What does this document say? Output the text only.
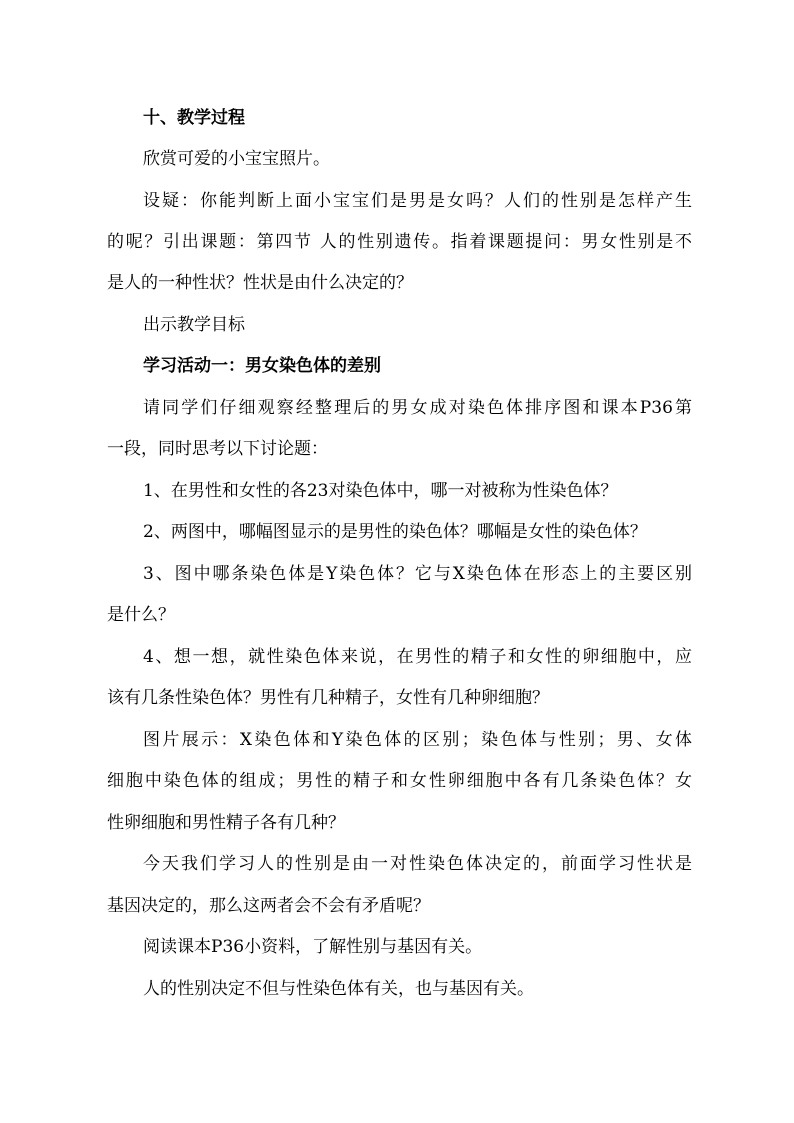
十、教学过程
欣赏可爱的小宝宝照片。
设疑：你能判断上面小宝宝们是男是女吗？人们的性别是怎样产生
的呢？引出课题：第四节 人的性别遗传。指着课题提问：男女性别是不
是人的一种性状？性状是由什么决定的？
出示教学目标
学习活动一：男女染色体的差别
请同学们仔细观察经整理后的男女成对染色体排序图和课本P36第
一段，同时思考以下讨论题：
1、在男性和女性的各23对染色体中，哪一对被称为性染色体？
2、两图中，哪幅图显示的是男性的染色体？哪幅是女性的染色体？
3、图中哪条染色体是Y染色体？它与X染色体在形态上的主要区别
是什么？
4、想一想，就性染色体来说，在男性的精子和女性的卵细胞中，应
该有几条性染色体？男性有几种精子，女性有几种卵细胞？
图片展示：X染色体和Y染色体的区别；染色体与性别；男、女体
细胞中染色体的组成；男性的精子和女性卵细胞中各有几条染色体？女
性卵细胞和男性精子各有几种？
今天我们学习人的性别是由一对性染色体决定的，前面学习性状是
基因决定的，那么这两者会不会有矛盾呢？
阅读课本P36小资料，了解性别与基因有关。
人的性别决定不但与性染色体有关，也与基因有关。
